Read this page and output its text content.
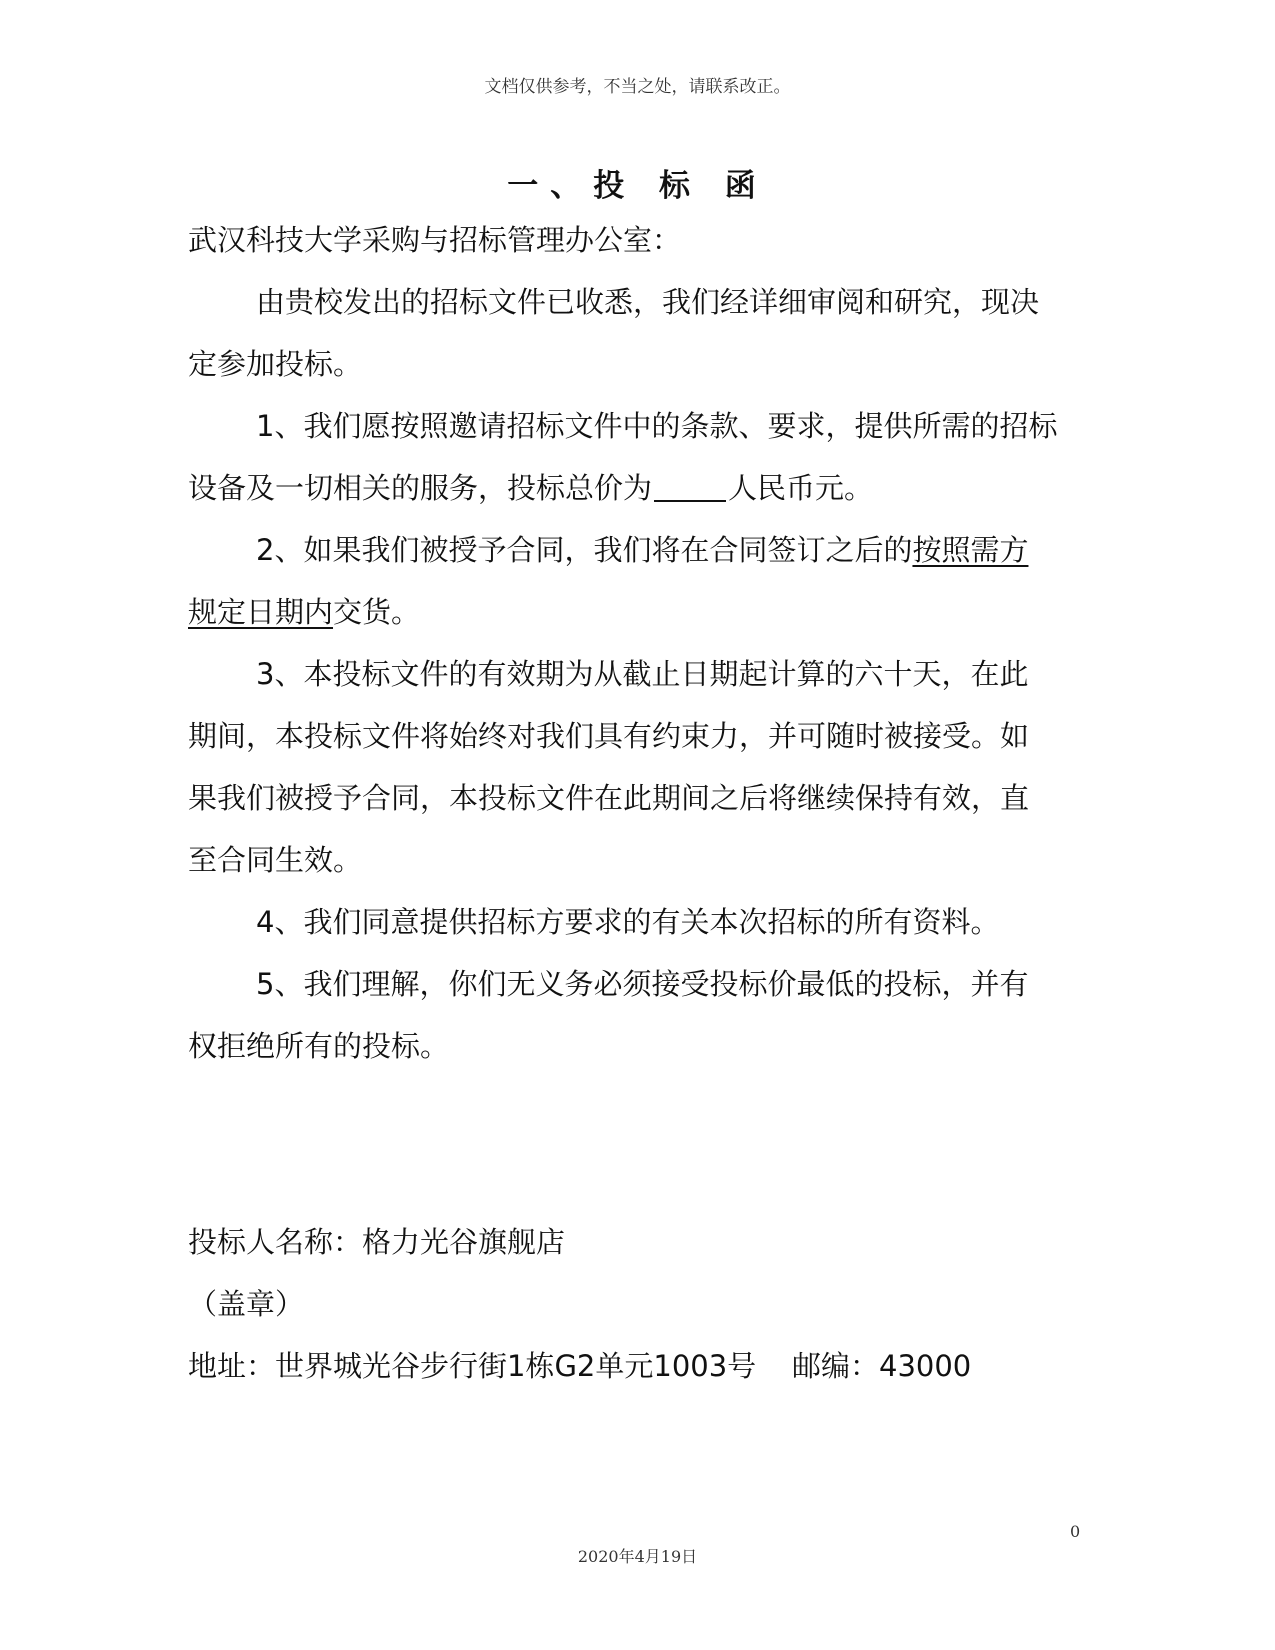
文档仅供参考，不当之处，请联系改正。
一、投 标 函
武汉科技大学采购与招标管理办公室：
由贵校发出的招标文件已收悉，我们经详细审阅和研究，现决
定参加投标。
1、我们愿按照邀请招标文件中的条款、要求，提供所需的招标
设备及一切相关的服务，投标总价为	人民币元。
2、如果我们被授予合同，我们将在合同签订之后的按照需方
规定日期内交货。
3、本投标文件的有效期为从截止日期起计算的六十天，在此
期间，本投标文件将始终对我们具有约束力，并可随时被接受。如
果我们被授予合同，本投标文件在此期间之后将继续保持有效，直
至合同生效。
4、我们同意提供招标方要求的有关本次招标的所有资料。
5、我们理解，你们无义务必须接受投标价最低的投标，并有
权拒绝所有的投标。
投标人名称：格力光谷旗舰店
（盖章）
地址：世界城光谷步行街1栋G2单元1003号 邮编：43000
0
2020年4月19日
